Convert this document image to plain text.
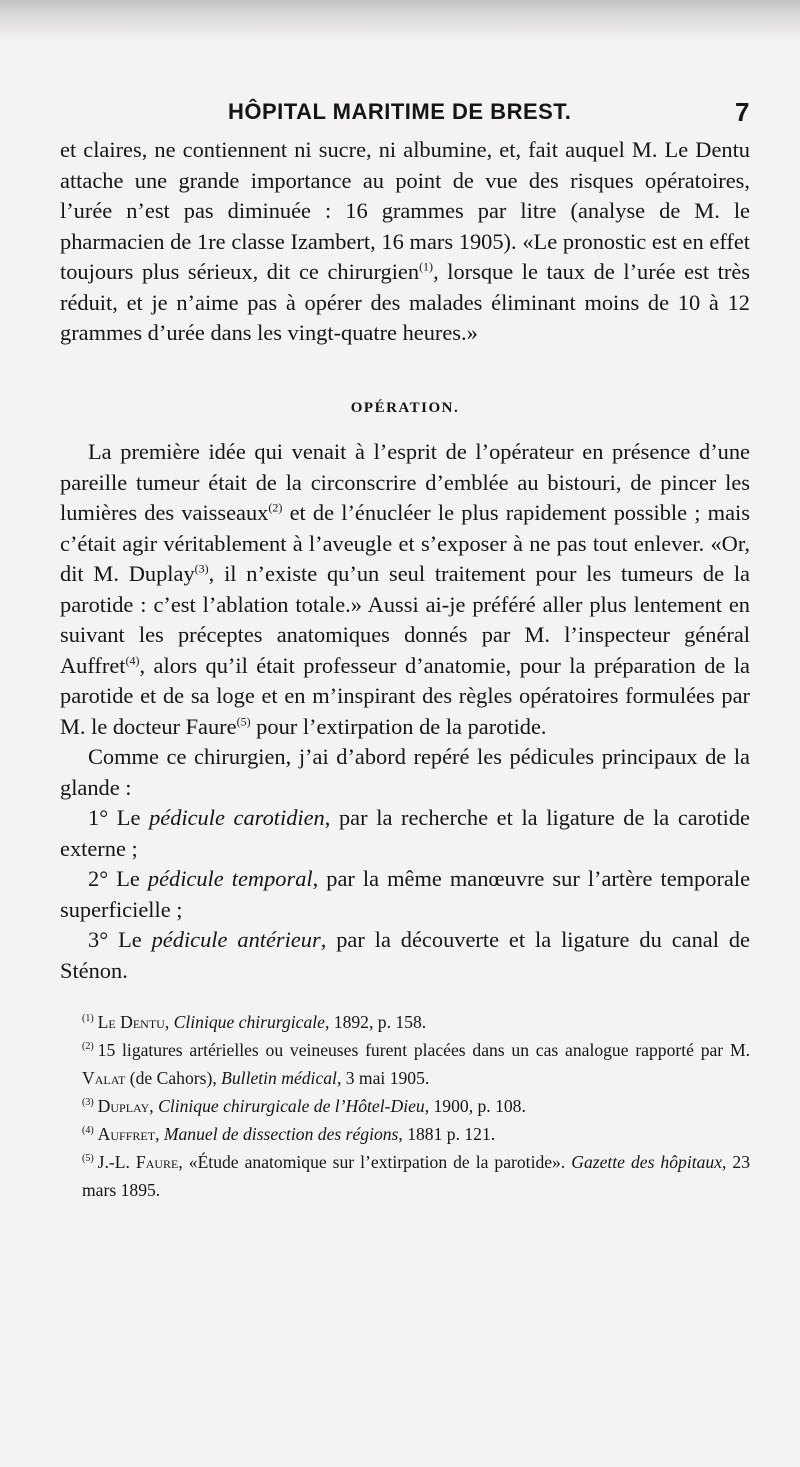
HÔPITAL MARITIME DE BREST.	7

et claires, ne contiennent ni sucre, ni albumine, et, fait auquel M. Le Dentu attache une grande importance au point de vue des risques opératoires, l’urée n’est pas diminuée : 16 grammes par litre (analyse de M. le pharmacien de 1re classe Izambert, 16 mars 1905). «Le pronostic est en effet toujours plus sérieux, dit ce chirurgien$^{(1)}$, lorsque le taux de l’urée est très réduit, et je n’aime pas à opérer des malades éliminant moins de 10 à 12 grammes d’urée dans les vingt-quatre heures.»

OPÉRATION.

La première idée qui venait à l’esprit de l’opérateur en présence d’une pareille tumeur était de la circonscrire d’emblée au bistouri, de pincer les lumières des vaisseaux$^{(2)}$ et de l’énucléer le plus rapidement possible ; mais c’était agir véritablement à l’aveugle et s’exposer à ne pas tout enlever. «Or, dit M. Duplay$^{(3)}$, il n’existe qu’un seul traitement pour les tumeurs de la parotide : c’est l’ablation totale.» Aussi ai-je préféré aller plus lentement en suivant les préceptes anatomiques donnés par M. l’inspecteur général Auffret$^{(4)}$, alors qu’il était professeur d’anatomie, pour la préparation de la parotide et de sa loge et en m’inspirant des règles opératoires formulées par M. le docteur Faure$^{(5)}$ pour l’extirpation de la parotide.

Comme ce chirurgien, j’ai d’abord repéré les pédicules principaux de la glande :

1° Le pédicule carotidien, par la recherche et la ligature de la carotide externe ;

2° Le pédicule temporal, par la même manœuvre sur l’artère temporale superficielle ;

3° Le pédicule antérieur, par la découverte et la ligature du canal de Sténon.

$^{(1)}$ Le Dentu, Clinique chirurgicale, 1892, p. 158.

$^{(2)}$ 15 ligatures artérielles ou veineuses furent placées dans un cas analogue rapporté par M. Valat (de Cahors), Bulletin médical, 3 mai 1905.

$^{(3)}$ Duplay, Clinique chirurgicale de l’Hôtel-Dieu, 1900, p. 108.

$^{(4)}$ Auffret, Manuel de dissection des régions, 1881 p. 121.

$^{(5)}$ J.-L. Faure, «Étude anatomique sur l’extirpation de la parotide». Gazette des hôpitaux, 23 mars 1895.
